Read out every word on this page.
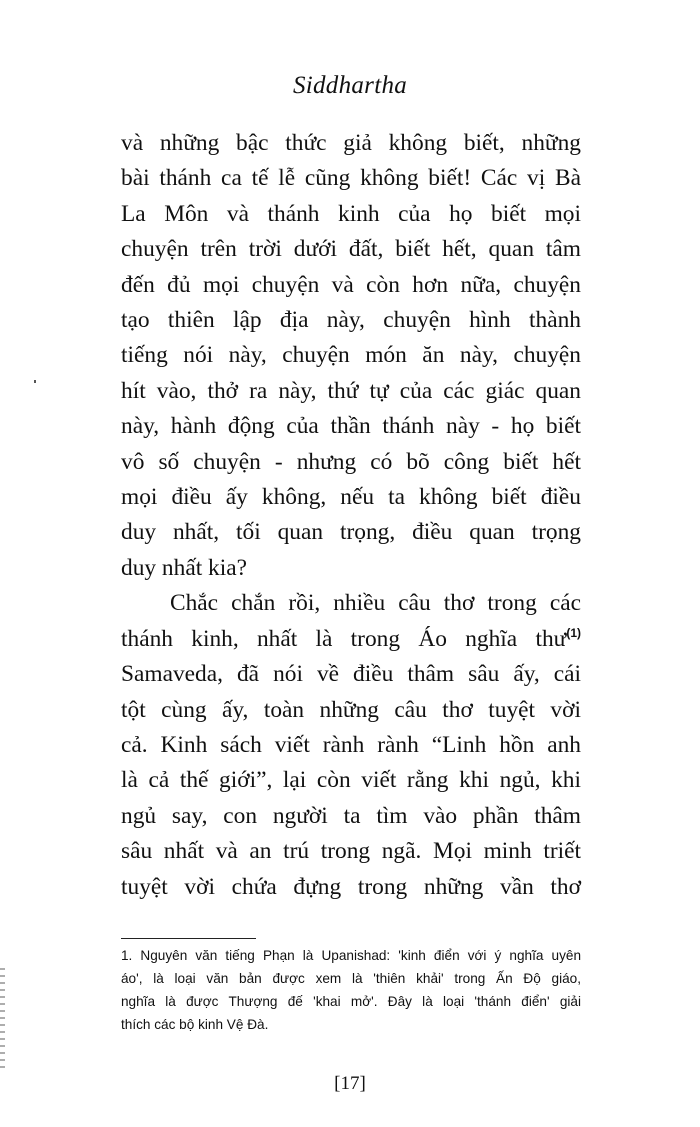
Siddhartha
và những bậc thức giả không biết, những
bài thánh ca tế lễ cũng không biết! Các vị Bà
La Môn và thánh kinh của họ biết mọi
chuyện trên trời dưới đất, biết hết, quan tâm
đến đủ mọi chuyện và còn hơn nữa, chuyện
tạo thiên lập địa này, chuyện hình thành
tiếng nói này, chuyện món ăn này, chuyện
hít vào, thở ra này, thứ tự của các giác quan
này, hành động của thần thánh này - họ biết
vô số chuyện - nhưng có bõ công biết hết
mọi điều ấy không, nếu ta không biết điều
duy nhất, tối quan trọng, điều quan trọng
duy nhất kia?
Chắc chắn rồi, nhiều câu thơ trong các
thánh kinh, nhất là trong Áo nghĩa thư$^{(1)}$
Samaveda, đã nói về điều thâm sâu ấy, cái
tột cùng ấy, toàn những câu thơ tuyệt vời
cả. Kinh sách viết rành rành “Linh hồn anh
là cả thế giới”, lại còn viết rằng khi ngủ, khi
ngủ say, con người ta tìm vào phần thâm
sâu nhất và an trú trong ngã. Mọi minh triết
tuyệt vời chứa đựng trong những vần thơ
1. Nguyên văn tiếng Phạn là Upanishad: 'kinh điển với ý nghĩa uyên
áo', là loại văn bản được xem là 'thiên khải' trong Ấn Độ giáo,
nghĩa là được Thượng đế 'khai mở'. Đây là loại 'thánh điển' giải
thích các bộ kinh Vệ Đà.
[17]
